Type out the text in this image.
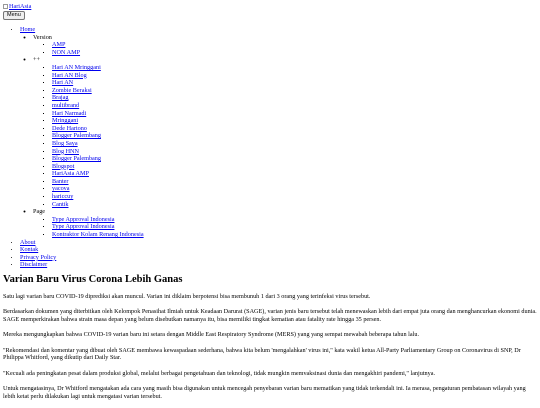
HariAsia
Menu
• Home
◦ Version
▪ AMP
▪ NON AMP
◦ ++
▪ Hari AN Mringgani
▪ Hari AN Blog
▪ Hari AN
▪ Zombie Beraksi
▪ Brajag
▪ multibrand
▪ Hari Narmadi
▪ Mringgani
▪ Dede Hartono
▪ Blogger Palembang
▪ Blog Saya
▪ Blog HNN
▪ Blogger Palembang
▪ Blogspot
▪ HariAsia AMP
▪ Banter
▪ yacova
▪ hariccuy
▪ Cantik
◦ Page
▪ Type Approval Indonesia
▪ Type Approval Indonesia
▪ Kontraktor Kolam Renang Indonesia
• About
• Kontak
• Privacy Policy
• Disclaimer
Varian Baru Virus Corona Lebih Ganas

Satu lagi varian baru COVID-19 diprediksi akan muncul. Varian ini diklaim berpotensi bisa membunuh 1 dari 3 orang yang terinfeksi virus tersebut.

Berdasarkan dokumen yang diterbitkan oleh Kelompok Penasihat Ilmiah untuk Keadaan Darurat (SAGE), varian jenis baru tersebut telah menewaskan lebih dari empat juta orang dan menghancurkan ekonomi dunia. SAGE memperkirakan bahwa strain masa depan yang belum disebutkan namanya itu, bisa memiliki tingkat kematian atau fatality rate hingga 35 persen.

Mereka mengungkapkan bahwa COVID-19 varian baru ini setara dengan Middle East Respiratory Syndrome (MERS) yang yang sempat mewabah beberapa tahun lalu.

"Rekomendasi dan komentar yang dibuat oleh SAGE membawa kewaspadaan sederhana, bahwa kita belum 'mengalahkan' virus ini," kata wakil ketua All-Party Parliamentary Group on Coronavirus di SNP, Dr Philippa Whitford, yang dikutip dari Daily Star.

"Kecuali ada peningkatan pesat dalam produksi global, melalui berbagai pengetahuan dan teknologi, tidak mungkin memvaksinasi dunia dan mengakhiri pandemi," lanjutnya.

Untuk mengatasinya, Dr Whitford mengatakan ada cara yang masih bisa digunakan untuk mencegah penyebaran varian baru mematikan yang tidak terkendali ini. Ia merasa, pengaturan pembatasan wilayah yang lebih ketat perlu dilakukan lagi untuk mengatasi varian tersebut.
